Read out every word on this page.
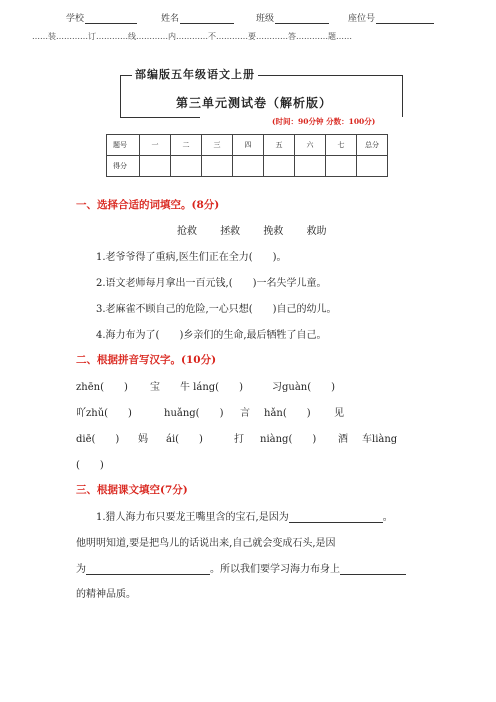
学校	姓名	班级	座位号
……装…………订…………线…………内…………不…………要…………答…………题……
部编版五年级语文上册
第三单元测试卷（解析版）
(时间：90分钟 分数：100分)
题号	一	二	三	四	五	六	七	总分
得分								
一、选择合适的词填空。(8分)
抢救 拯救 挽救 救助
1.老爷爷得了重病,医生们正在全力(　　)。
2.语文老师每月拿出一百元钱,(　　)一名失学儿童。
3.老麻雀不顾自己的危险,一心只想(　　)自己的幼儿。
4.海力布为了(　　)乡亲们的生命,最后牺牲了自己。
二、根据拼音写汉字。(10分)
zhēn(　　) 宝 牛 láng(　　)	习guàn(　　)
吖zhǔ(　　)	huǎng(　　) 言 hǎn(　　) 见
diē(　　) 妈 ái(　　)	打 niàng(　　) 酒 车liàng
(　　)
三、根据课文填空(7分)
1.猎人海力布只要龙王嘴里含的宝石,是因为	。
他明明知道,要是把鸟儿的话说出来,自己就会变成石头,是因
为	。所以我们要学习海力布身上
的精神品质。
